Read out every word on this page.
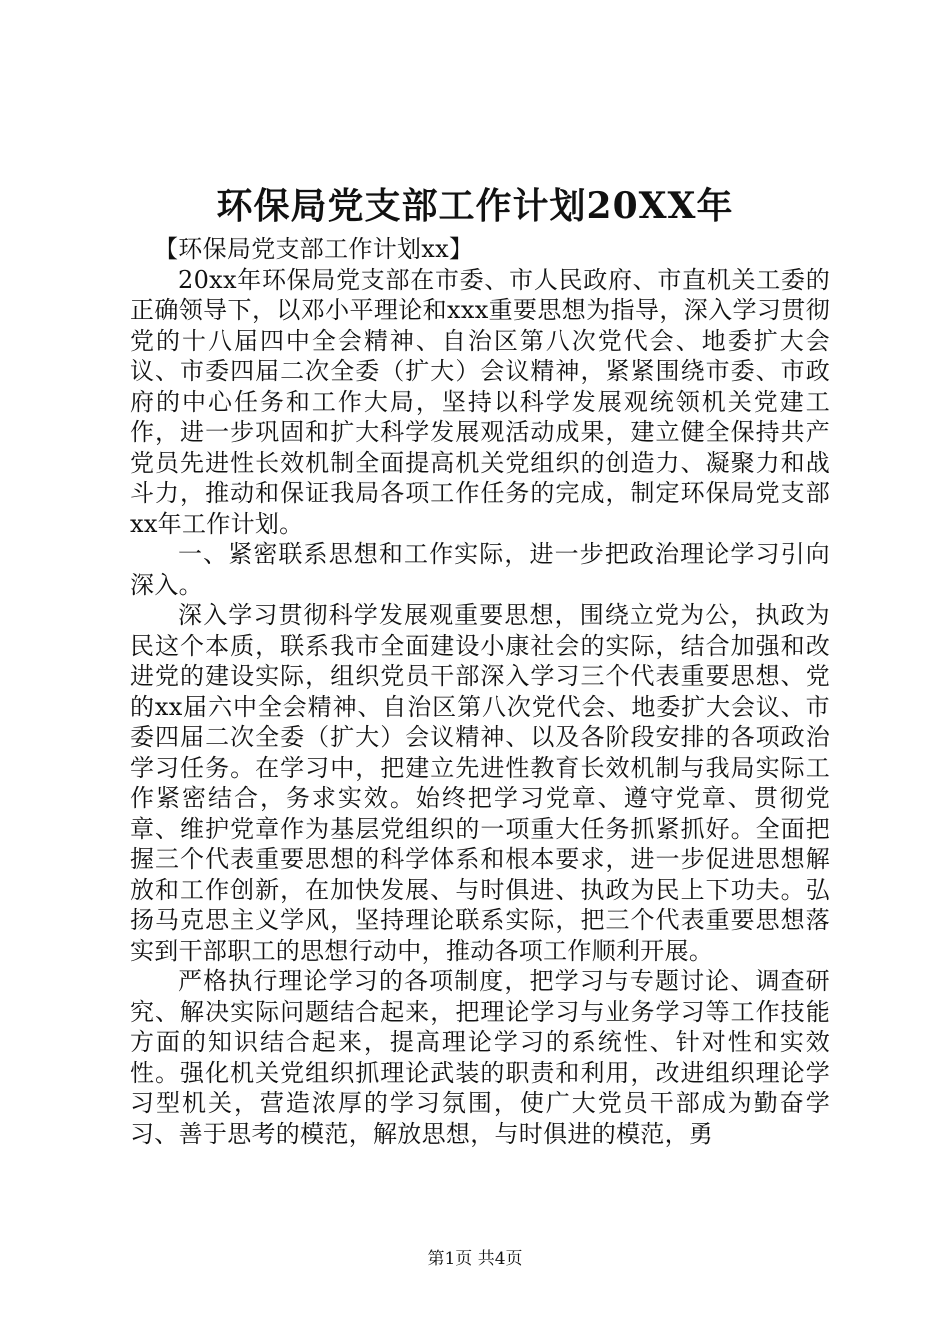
环保局党支部工作计划20XX年

【环保局党支部工作计划xx】

20xx年环保局党支部在市委、市人民政府、市直机关工委的正确领导下，以邓小平理论和xxx重要思想为指导，深入学习贯彻党的十八届四中全会精神、自治区第八次党代会、地委扩大会议、市委四届二次全委（扩大）会议精神，紧紧围绕市委、市政府的中心任务和工作大局，坚持以科学发展观统领机关党建工作，进一步巩固和扩大科学发展观活动成果，建立健全保持共产党员先进性长效机制全面提高机关党组织的创造力、凝聚力和战斗力，推动和保证我局各项工作任务的完成，制定环保局党支部xx年工作计划。

一、紧密联系思想和工作实际，进一步把政治理论学习引向深入。

深入学习贯彻科学发展观重要思想，围绕立党为公，执政为民这个本质，联系我市全面建设小康社会的实际，结合加强和改进党的建设实际，组织党员干部深入学习三个代表重要思想、党的xx届六中全会精神、自治区第八次党代会、地委扩大会议、市委四届二次全委（扩大）会议精神、以及各阶段安排的各项政治学习任务。在学习中，把建立先进性教育长效机制与我局实际工作紧密结合，务求实效。始终把学习党章、遵守党章、贯彻党章、维护党章作为基层党组织的一项重大任务抓紧抓好。全面把握三个代表重要思想的科学体系和根本要求，进一步促进思想解放和工作创新，在加快发展、与时俱进、执政为民上下功夫。弘扬马克思主义学风，坚持理论联系实际，把三个代表重要思想落实到干部职工的思想行动中，推动各项工作顺利开展。

严格执行理论学习的各项制度，把学习与专题讨论、调查研究、解决实际问题结合起来，把理论学习与业务学习等工作技能方面的知识结合起来，提高理论学习的系统性、针对性和实效性。强化机关党组织抓理论武装的职责和利用，改进组织理论学习型机关，营造浓厚的学习氛围，使广大党员干部成为勤奋学习、善于思考的模范，解放思想，与时俱进的模范，勇

第1页 共4页
